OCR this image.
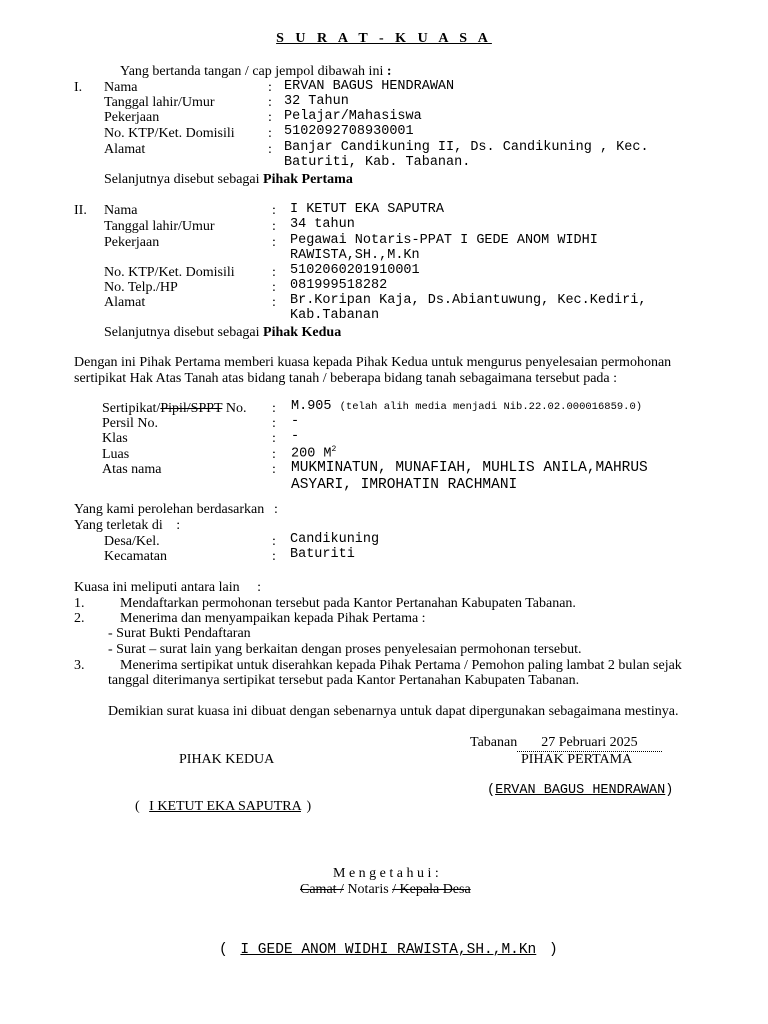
S U R A T - K U A S A
Yang bertanda tangan / cap jempol dibawah ini :
I. Nama	: ERVAN BAGUS HENDRAWAN
Tanggal lahir/Umur	: 32 Tahun
Pekerjaan	: Pelajar/Mahasiswa
No. KTP/Ket. Domisili : 5102092708930001
Alamat	: Banjar Candikuning II, Ds. Candikuning , Kec.
Baturiti, Kab. Tabanan.
Selanjutnya disebut sebagai Pihak Pertama
II. Nama	: I KETUT EKA SAPUTRA
Tanggal lahir/Umur	: 34 tahun
Pekerjaan	: Pegawai Notaris-PPAT I GEDE ANOM WIDHI
RAWISTA,SH.,M.Kn
No. KTP/Ket. Domisili	: 5102060201910001
No. Telp./HP	: 081999518282
Alamat	: Br.Koripan Kaja, Ds.Abiantuwung, Kec.Kediri,
Kab.Tabanan
Selanjutnya disebut sebagai Pihak Kedua
Dengan ini Pihak Pertama memberi kuasa kepada Pihak Kedua untuk mengurus penyelesaian permohonan
sertipikat Hak Atas Tanah atas bidang tanah / beberapa bidang tanah sebagaimana tersebut pada :
Sertipikat/Pipil/SPPT No. : M.905 (telah alih media menjadi Nib.22.02.000016859.0)
Persil No.	: -
Klas	: -
Luas	: 200 $M^2$
Atas nama	: MUKMINATUN, MUNAFIAH, MUHLIS ANILA,MAHRUS
ASYARI, IMROHATIN RACHMANI
Yang kami perolehan berdasarkan :
Yang terletak di :
Desa/Kel.	: Candikuning
Kecamatan	: Baturiti
Kuasa ini meliputi antara lain :
1.	Mendaftarkan permohonan tersebut pada Kantor Pertanahan Kabupaten Tabanan.
2.	Menerima dan menyampaikan kepada Pihak Pertama :
- Surat Bukti Pendaftaran
- Surat – surat lain yang berkaitan dengan proses penyelesaian permohonan tersebut.
3.	Menerima sertipikat untuk diserahkan kepada Pihak Pertama / Pemohon paling lambat 2 bulan sejak
tanggal diterimanya sertipikat tersebut pada Kantor Pertanahan Kabupaten Tabanan.
Demikian surat kuasa ini dibuat dengan sebenarnya untuk dapat dipergunakan sebagaimana mestinya.
Tabanan 27 Pebruari 2025
PIHAK KEDUA	PIHAK PERTAMA
(ERVAN BAGUS HENDRAWAN)
( I KETUT EKA SAPUTRA )
M e n g e t a h u i :
Camat / Notaris / Kepala Desa
( I GEDE ANOM WIDHI RAWISTA,SH.,M.Kn )
